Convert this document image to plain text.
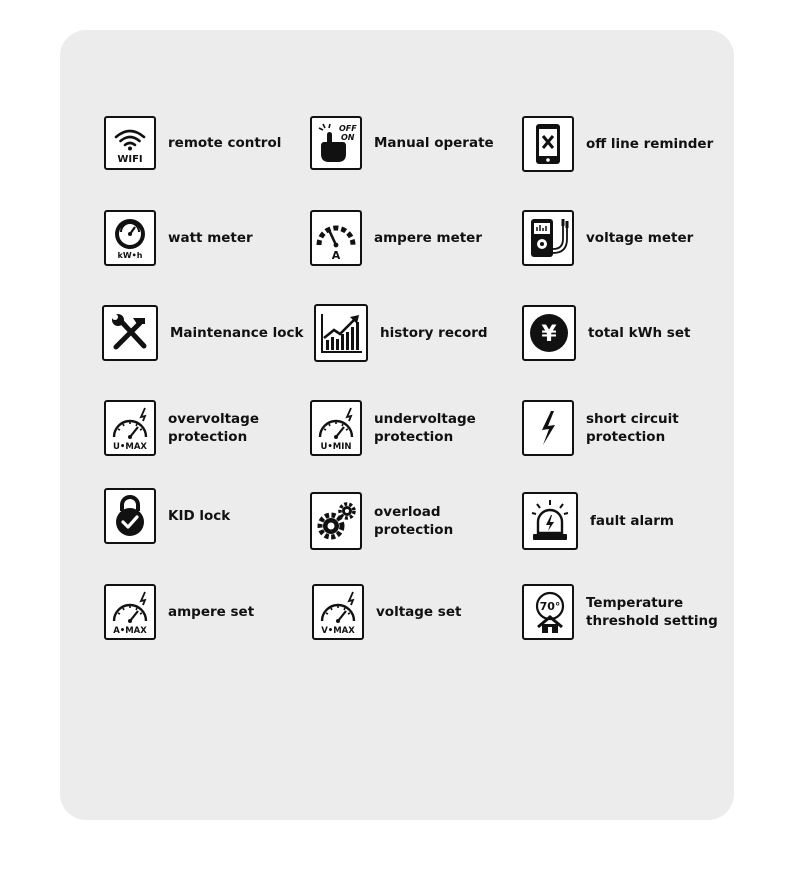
WIFI
remote control
OFF
ON Manual operate	off line reminder
kW•h
watt meter
A
ampere meter	voltage meter
Maintenance lock	history record ¥ total kWh set
U•MAX
overvoltage
protection
U•MIN
undervoltage
protection
short circuit
protection
KID lock	overload
protection
fault alarm
A•MAX
ampere set
V•MAX
voltage set	70° Temperature
threshold setting
